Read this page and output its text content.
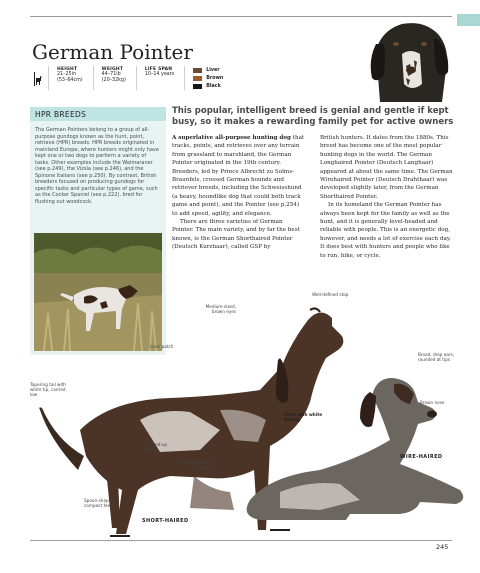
German Pointer
HEIGHT
21–25in
(53–64cm)
WEIGHT
44–71lb
(20–32kg)
LIFE SPAN
10–14 years
Liver
Brown
Black
HPR BREEDS
The German Pointers belong to a group of all-purpose gundogs known as the hunt, point, retrieve (HPR) breeds. HPR breeds originated in mainland Europe, where hunters might only have kept one or two dogs to perform a variety of tasks. Other examples include the Weimaraner (see p.249), the Vizsla (see p.246), and the Spinone Italiano (see p.250). By contrast, British breeders focused on producing gundogs for specific tasks and particular types of game, such as the Cocker Spaniel (see p.222), bred for flushing out woodcock.

This popular, intelligent breed is genial and gentle if kept busy, so it makes a rewarding family pet for active owners

A superlative all-purpose hunting dog that tracks, points, and retrieves over any terrain from grassland to marshland, the German Pointer originated in the 19th century. Breeders, led by Prince Albrecht zu Solms-Braunfels, crossed German hounds and retriever breeds, including the Schweisshund (a heavy, houndlike dog that could both track game and point), and the Pointer (see p.254) to add speed, agility, and elegance.

There are three varieties of German Pointer. The main variety, and by far the best known, is the German Shorthaired Pointer (Deutsch Kurzhaar), called GSP by

British hunters. It dates from the 1880s. This breed has become one of the most popular hunting dogs in the world. The German Longhaired Pointer (Deutsch Langhaar) appeared at about the same time. The German Wirehaired Pointer (Deutsch Drahthaar) was developed slightly later, from the German Shorthaired Pointer.

In its homeland the German Pointer has always been kept for the family as well as the hunt, and it is generally level-headed and reliable with people. This is an energetic dog, however, and needs a lot of exercise each day. It does best with hunters and people who like to run, hike, or cycle.

Well-defined stop
Medium-sized, brown eyes
Liver patch
Broad, drop ears, rounded at tips
Brown nose
Tapering tail with white tip, carried low
Liver with white ticking
Tucked-up belly
Coat coarse to touch
Spoon-shaped, compact feet
SHORT-HAIRED
WIRE-HAIRED
245
